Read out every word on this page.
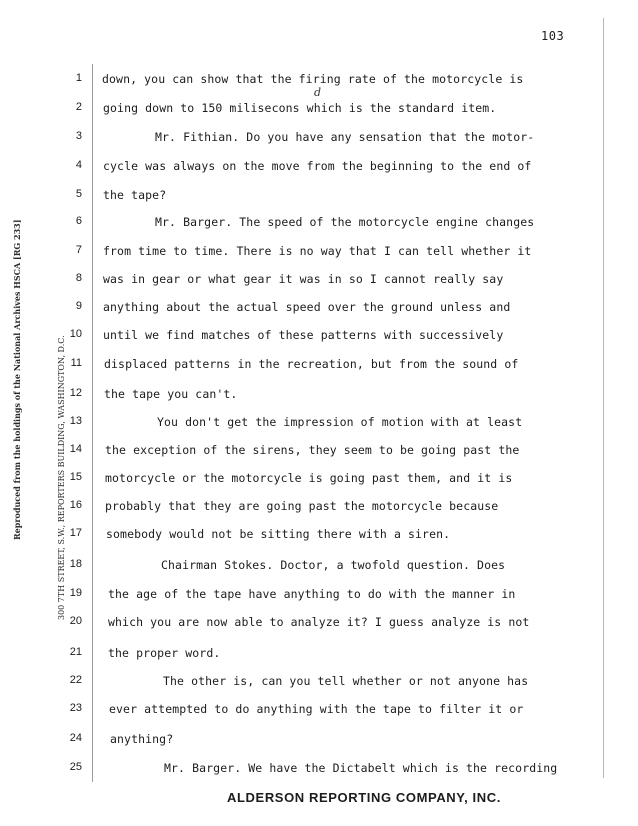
103
Reproduced from the holdings of the National Archives HSCA [RG 233]	300 7TH STREET, S.W., REPORTERS BUILDING, WASHINGTON, D.C.
1 down, you can show that the firing rate of the motorcycle is
2 going down to 150 milisecons which is the standard item.
3	Mr. Fithian. Do you have any sensation that the motor-
4 cycle was always on the move from the beginning to the end of
5 the tape?
6	Mr. Barger. The speed of the motorcycle engine changes
7 from time to time. There is no way that I can tell whether it
8 was in gear or what gear it was in so I cannot really say
9 anything about the actual speed over the ground unless and
10 until we find matches of these patterns with successively
11 displaced patterns in the recreation, but from the sound of
12 the tape you can't.
13	You don't get the impression of motion with at least
14 the exception of the sirens, they seem to be going past the
15 motorcycle or the motorcycle is going past them, and it is
16 probably that they are going past the motorcycle because
17 somebody would not be sitting there with a siren.
18	Chairman Stokes. Doctor, a twofold question. Does
19 the age of the tape have anything to do with the manner in
20 which you are now able to analyze it? I guess analyze is not
21 the proper word.
22	The other is, can you tell whether or not anyone has
23 ever attempted to do anything with the tape to filter it or
24 anything?
25	Mr. Barger. We have the Dictabelt which is the recording
d
ALDERSON REPORTING COMPANY, INC.
